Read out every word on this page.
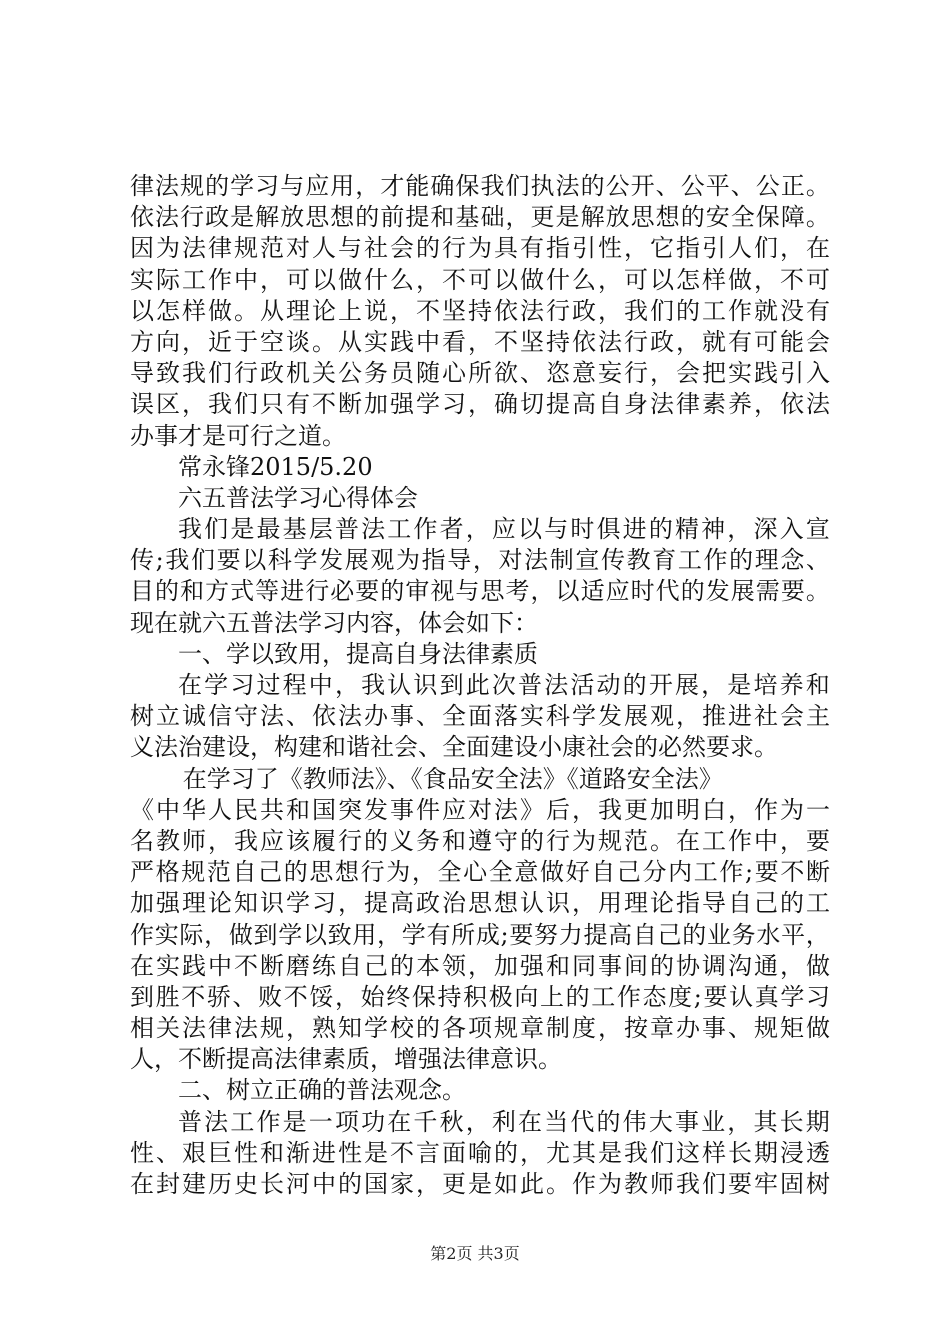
律 法 规 的 学 习 与 应 用 ， 才 能 确 保 我 们 执 法 的 公 开 、 公 平 、 公 正 。
依 法 行 政 是 解 放 思 想 的 前 提 和 基 础 ， 更 是 解 放 思 想 的 安 全 保 障 。
因 为 法 律 规 范 对 人 与 社 会 的 行 为 具 有 指 引 性 ， 它 指 引 人 们 ， 在
实 际 工 作 中 ， 可 以 做 什 么 ， 不 可 以 做 什 么 ， 可 以 怎 样 做 ， 不 可
以 怎 样 做 。 从 理 论 上 说 ， 不 坚 持 依 法 行 政 ， 我 们 的 工 作 就 没 有
方 向 ， 近 于 空 谈 。 从 实 践 中 看 ， 不 坚 持 依 法 行 政 ， 就 有 可 能 会
导 致 我 们 行 政 机 关 公 务 员 随 心 所 欲 、 恣 意 妄 行 ， 会 把 实 践 引 入
误 区 ， 我 们 只 有 不 断 加 强 学 习 ， 确 切 提 高 自 身 法 律 素 养 ， 依 法
办事才是可行之道。
常永锋2015/5.20
六五普法学习心得体会
我 们 是 最 基 层 普 法 工 作 者 ， 应 以 与 时 俱 进 的 精 神 ， 深 入 宣
传 ; 我 们 要 以 科 学 发 展 观 为 指 导 ， 对 法 制 宣 传 教 育 工 作 的 理 念 、
目 的 和 方 式 等 进 行 必 要 的 审 视 与 思 考 ， 以 适 应 时 代 的 发 展 需 要 。
现在就六五普法学习内容，体会如下：
一、学以致用，提高自身法律素质
在 学 习 过 程 中 ， 我 认 识 到 此 次 普 法 活 动 的 开 展 ， 是 培 养 和
树 立 诚 信 守 法 、 依 法 办 事 、 全 面 落 实 科 学 发 展 观 ， 推 进 社 会 主
义法治建设，构建和谐社会、全面建设小康社会的必然要求。
在学习了《教师法》、《食品安全法》《道路安全法》
《 中 华 人 民 共 和 国 突 发 事 件 应 对 法 》 后 ， 我 更 加 明 白 ， 作 为 一
名 教 师 ， 我 应 该 履 行 的 义 务 和 遵 守 的 行 为 规 范 。 在 工 作 中 ， 要
严 格 规 范 自 己 的 思 想 行 为 ， 全 心 全 意 做 好 自 己 分 内 工 作 ; 要 不 断
加 强 理 论 知 识 学 习 ， 提 高 政 治 思 想 认 识 ， 用 理 论 指 导 自 己 的 工
作 实 际 ， 做 到 学 以 致 用 ， 学 有 所 成 ; 要 努 力 提 高 自 己 的 业 务 水 平 ，
在 实 践 中 不 断 磨 练 自 己 的 本 领 ， 加 强 和 同 事 间 的 协 调 沟 通 ， 做
到 胜 不 骄 、 败 不 馁 ， 始 终 保 持 积 极 向 上 的 工 作 态 度 ; 要 认 真 学 习
相 关 法 律 法 规 ， 熟 知 学 校 的 各 项 规 章 制 度 ， 按 章 办 事 、 规 矩 做
人，不断提高法律素质，增强法律意识。
二、树立正确的普法观念。
普 法 工 作 是 一 项 功 在 千 秋 ， 利 在 当 代 的 伟 大 事 业 ， 其 长 期
性 、 艰 巨 性 和 渐 进 性 是 不 言 面 喻 的 ， 尤 其 是 我 们 这 样 长 期 浸 透
在 封 建 历 史 长 河 中 的 国 家 ， 更 是 如 此 。 作 为 教 师 我 们 要 牢 固 树
第2页 共3页
